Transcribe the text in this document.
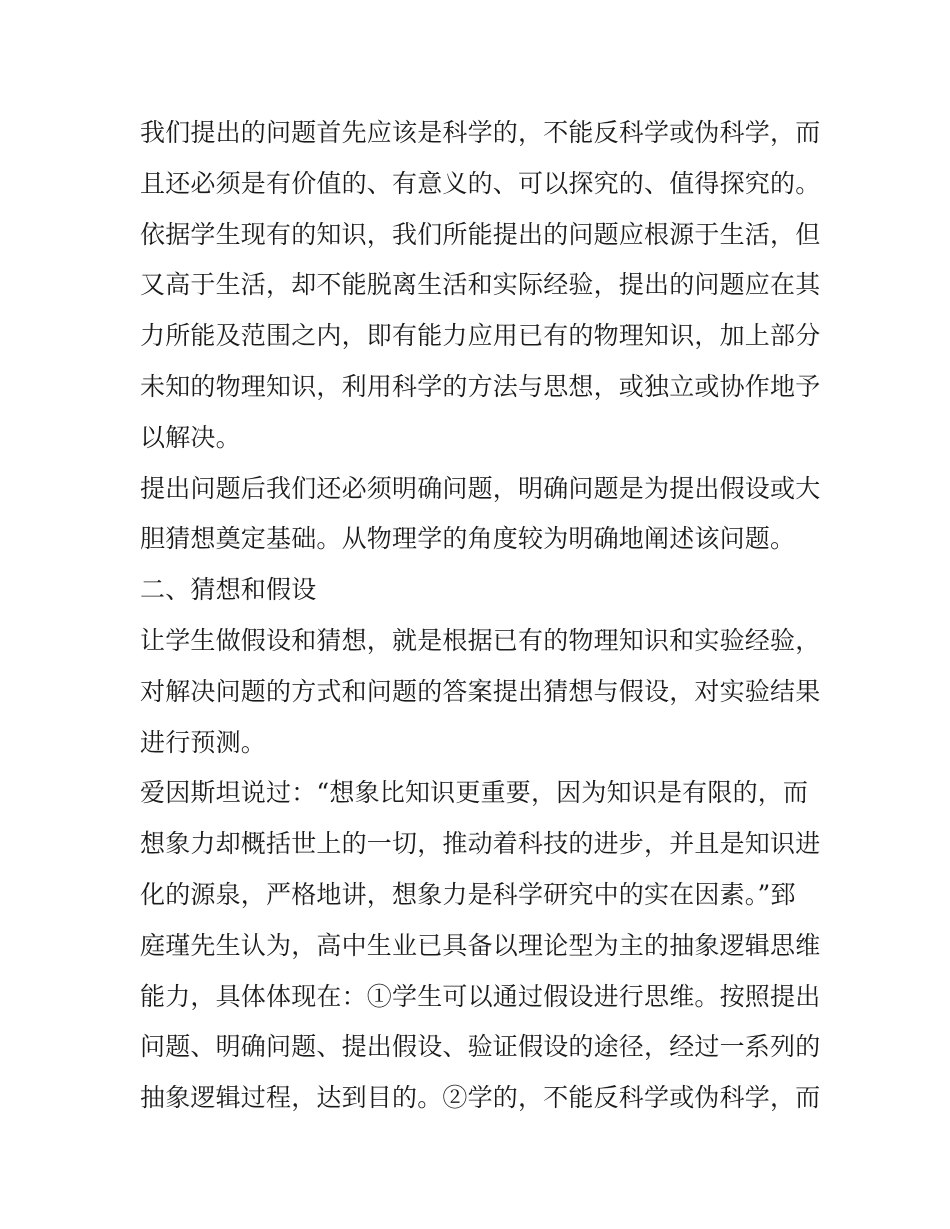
我们提出的问题首先应该是科学的，不能反科学或伪科学，而
且还必须是有价值的、有意义的、可以探究的、值得探究的。
依据学生现有的知识，我们所能提出的问题应根源于生活，但
又高于生活，却不能脱离生活和实际经验，提出的问题应在其
力所能及范围之内，即有能力应用已有的物理知识，加上部分
未知的物理知识，利用科学的方法与思想，或独立或协作地予
以解决。
提出问题后我们还必须明确问题，明确问题是为提出假设或大
胆猜想奠定基础。从物理学的角度较为明确地阐述该问题。
二、猜想和假设
让学生做假设和猜想，就是根据已有的物理知识和实验经验，
对解决问题的方式和问题的答案提出猜想与假设，对实验结果
进行预测。
爱因斯坦说过：“想象比知识更重要，因为知识是有限的，而
想象力却概括世上的一切，推动着科技的进步，并且是知识进
化的源泉，严格地讲，想象力是科学研究中的实在因素。”郅
庭瑾先生认为，高中生业已具备以理论型为主的抽象逻辑思维
能力，具体体现在：①学生可以通过假设进行思维。按照提出
问题、明确问题、提出假设、验证假设的途径，经过一系列的
抽象逻辑过程，达到目的。②学的，不能反科学或伪科学，而
